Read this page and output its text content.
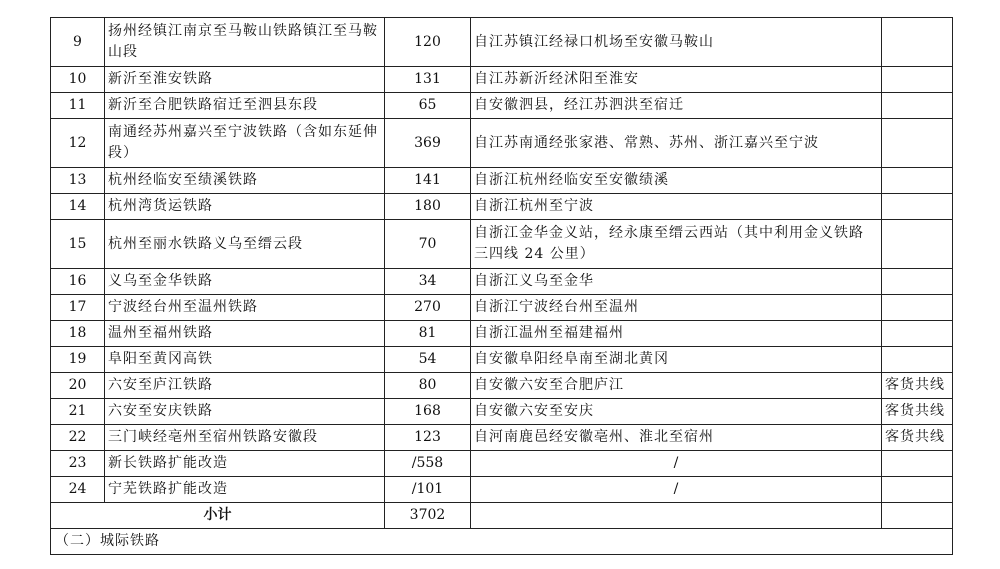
9	扬州经镇江南京至马鞍山铁路镇江至马鞍山段	120	自江苏镇江经禄口机场至安徽马鞍山	
10	新沂至淮安铁路	131	自江苏新沂经沭阳至淮安	
11	新沂至合肥铁路宿迁至泗县东段	65	自安徽泗县，经江苏泗洪至宿迁	
12	南通经苏州嘉兴至宁波铁路（含如东延伸段）	369	自江苏南通经张家港、常熟、苏州、浙江嘉兴至宁波	
13	杭州经临安至绩溪铁路	141	自浙江杭州经临安至安徽绩溪	
14	杭州湾货运铁路	180	自浙江杭州至宁波	
15	杭州至丽水铁路义乌至缙云段	70	自浙江金华金义站，经永康至缙云西站（其中利用金义铁路三四线 24 公里）	
16	义乌至金华铁路	34	自浙江义乌至金华	
17	宁波经台州至温州铁路	270	自浙江宁波经台州至温州	
18	温州至福州铁路	81	自浙江温州至福建福州	
19	阜阳至黄冈高铁	54	自安徽阜阳经阜南至湖北黄冈	
20	六安至庐江铁路	80	自安徽六安至合肥庐江	客货共线
21	六安至安庆铁路	168	自安徽六安至安庆	客货共线
22	三门峡经亳州至宿州铁路安徽段	123	自河南鹿邑经安徽亳州、淮北至宿州	客货共线
23	新长铁路扩能改造	/558	/	
24	宁芜铁路扩能改造	/101	/	
小计		3702		
（二）城际铁路				
